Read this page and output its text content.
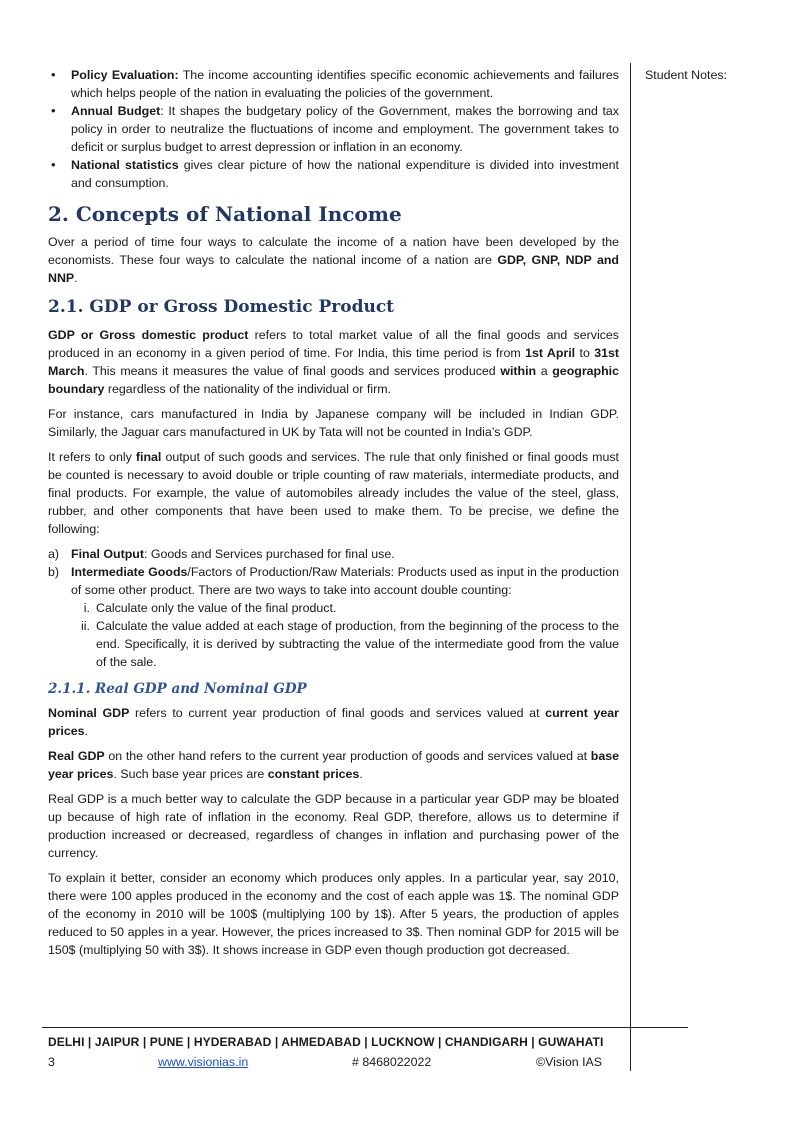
Student Notes:
• Policy Evaluation: The income accounting identifies specific economic achievements and failures which helps people of the nation in evaluating the policies of the government.
• Annual Budget: It shapes the budgetary policy of the Government, makes the borrowing and tax policy in order to neutralize the fluctuations of income and employment. The government takes to deficit or surplus budget to arrest depression or inflation in an economy.
• National statistics gives clear picture of how the national expenditure is divided into investment and consumption.
2. Concepts of National Income

Over a period of time four ways to calculate the income of a nation have been developed by the economists. These four ways to calculate the national income of a nation are GDP, GNP, NDP and NNP.

2.1. GDP or Gross Domestic Product

GDP or Gross domestic product refers to total market value of all the final goods and services produced in an economy in a given period of time. For India, this time period is from 1st April to 31st March. This means it measures the value of final goods and services produced within a geographic boundary regardless of the nationality of the individual or firm.

For instance, cars manufactured in India by Japanese company will be included in Indian GDP. Similarly, the Jaguar cars manufactured in UK by Tata will not be counted in India’s GDP.

It refers to only final output of such goods and services. The rule that only finished or final goods must be counted is necessary to avoid double or triple counting of raw materials, intermediate products, and final products. For example, the value of automobiles already includes the value of the steel, glass, rubber, and other components that have been used to make them. To be precise, we define the following:

a) Final Output: Goods and Services purchased for final use.
b) Intermediate Goods/Factors of Production/Raw Materials: Products used as input in the production of some other product. There are two ways to take into account double counting:
i. Calculate only the value of the final product.
ii. Calculate the value added at each stage of production, from the beginning of the process to the end. Specifically, it is derived by subtracting the value of the intermediate good from the value of the sale.
2.1.1. Real GDP and Nominal GDP

Nominal GDP refers to current year production of final goods and services valued at current year prices.

Real GDP on the other hand refers to the current year production of goods and services valued at base year prices. Such base year prices are constant prices.

Real GDP is a much better way to calculate the GDP because in a particular year GDP may be bloated up because of high rate of inflation in the economy. Real GDP, therefore, allows us to determine if production increased or decreased, regardless of changes in inflation and purchasing power of the currency.

To explain it better, consider an economy which produces only apples. In a particular year, say 2010, there were 100 apples produced in the economy and the cost of each apple was 1$. The nominal GDP of the economy in 2010 will be 100$ (multiplying 100 by 1$). After 5 years, the production of apples reduced to 50 apples in a year. However, the prices increased to 3$. Then nominal GDP for 2015 will be 150$ (multiplying 50 with 3$). It shows increase in GDP even though production got decreased.

DELHI | JAIPUR | PUNE | HYDERABAD | AHMEDABAD | LUCKNOW | CHANDIGARH | GUWAHATI
3	www.visionias.in	# 8468022022	©Vision IAS
